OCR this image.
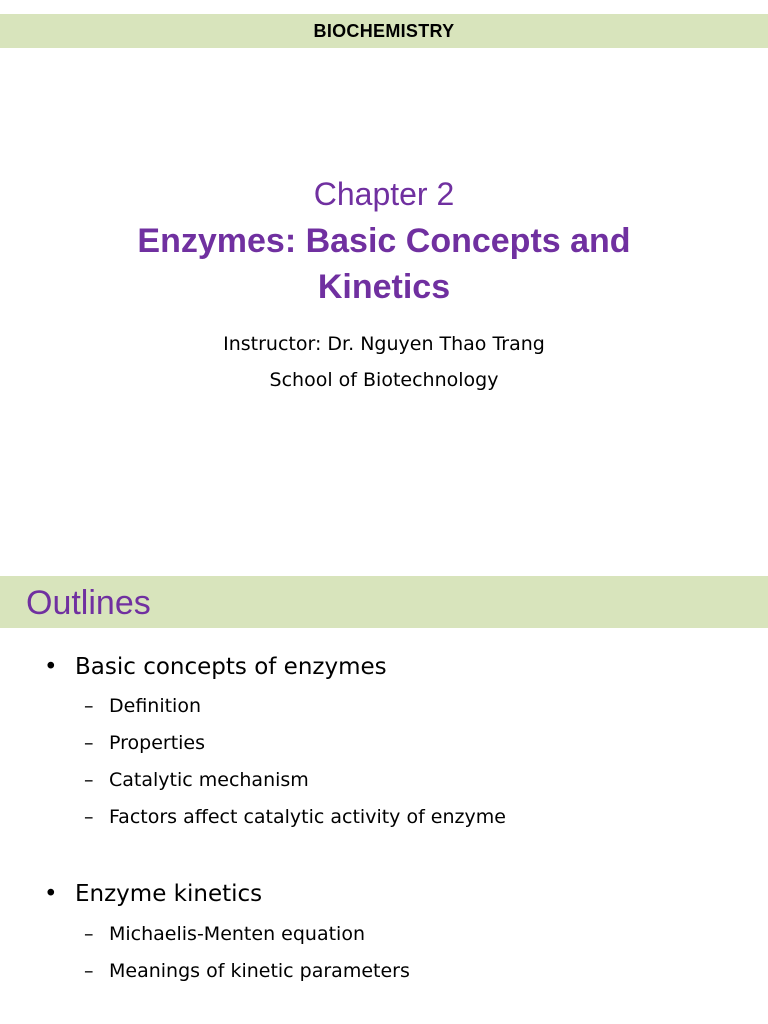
BIOCHEMISTRY
Chapter 2
Enzymes: Basic Concepts and
Kinetics
Instructor: Dr. Nguyen Thao Trang
School of Biotechnology
Outlines
• Basic concepts of enzymes
– Definition
– Properties
– Catalytic mechanism
– Factors affect catalytic activity of enzyme
• Enzyme kinetics
– Michaelis-Menten equation
– Meanings of kinetic parameters
